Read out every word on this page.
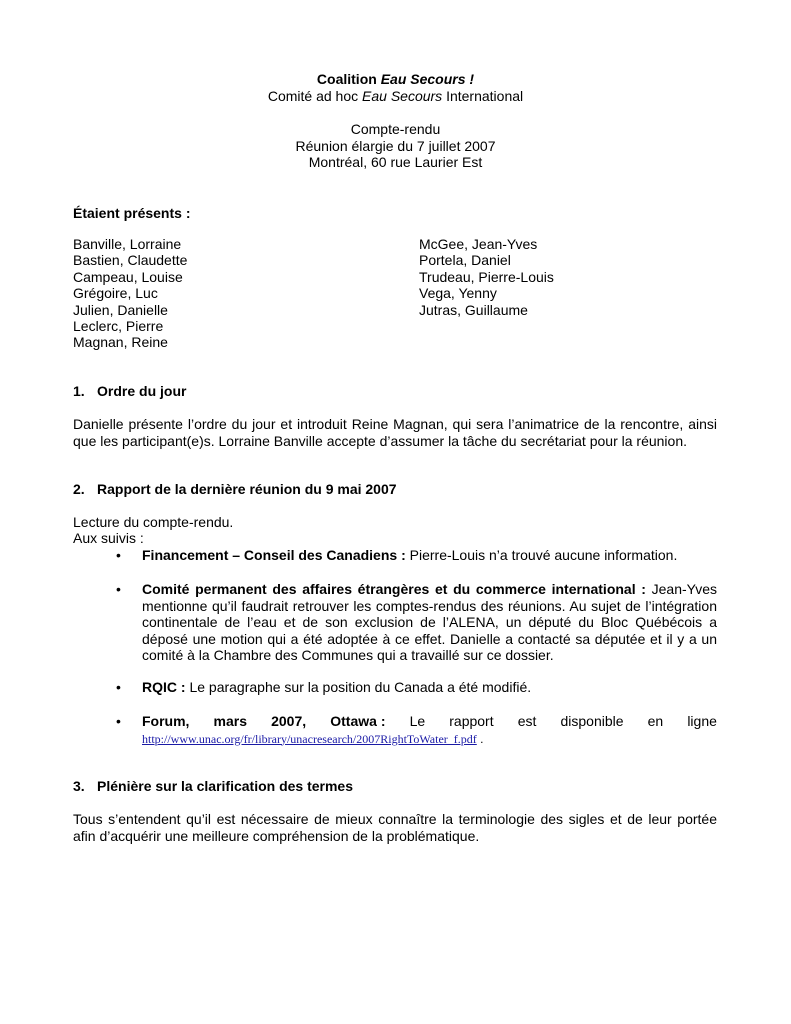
Coalition Eau Secours !
Comité ad hoc Eau Secours International
Compte-rendu
Réunion élargie du 7 juillet 2007
Montréal, 60 rue Laurier Est
Étaient présents :
Banville, Lorraine
Bastien, Claudette
Campeau, Louise
Grégoire, Luc
Julien, Danielle
Leclerc, Pierre
Magnan, Reine
McGee, Jean-Yves
Portela, Daniel
Trudeau, Pierre-Louis
Vega, Yenny
Jutras, Guillaume
1. Ordre du jour
Danielle présente l’ordre du jour et introduit Reine Magnan, qui sera l’animatrice de la rencontre, ainsi que les participant(e)s. Lorraine Banville accepte d’assumer la tâche du secrétariat pour la réunion.
2. Rapport de la dernière réunion du 9 mai 2007
Lecture du compte-rendu.
Aux suivis :
• Financement – Conseil des Canadiens : Pierre-Louis n’a trouvé aucune information.
• Comité permanent des affaires étrangères et du commerce international : Jean-Yves mentionne qu’il faudrait retrouver les comptes-rendus des réunions. Au sujet de l’intégration continentale de l’eau et de son exclusion de l’ALENA, un député du Bloc Québécois a déposé une motion qui a été adoptée à ce effet. Danielle a contacté sa députée et il y a un comité à la Chambre des Communes qui a travaillé sur ce dossier.
• RQIC : Le paragraphe sur la position du Canada a été modifié.
• Forum, mars 2007, Ottawa : Le rapport est disponible en ligne
http://www.unac.org/fr/library/unacresearch/2007RightToWater_f.pdf .
3. Plénière sur la clarification des termes
Tous s’entendent qu’il est nécessaire de mieux connaître la terminologie des sigles et de leur portée afin d’acquérir une meilleure compréhension de la problématique.
